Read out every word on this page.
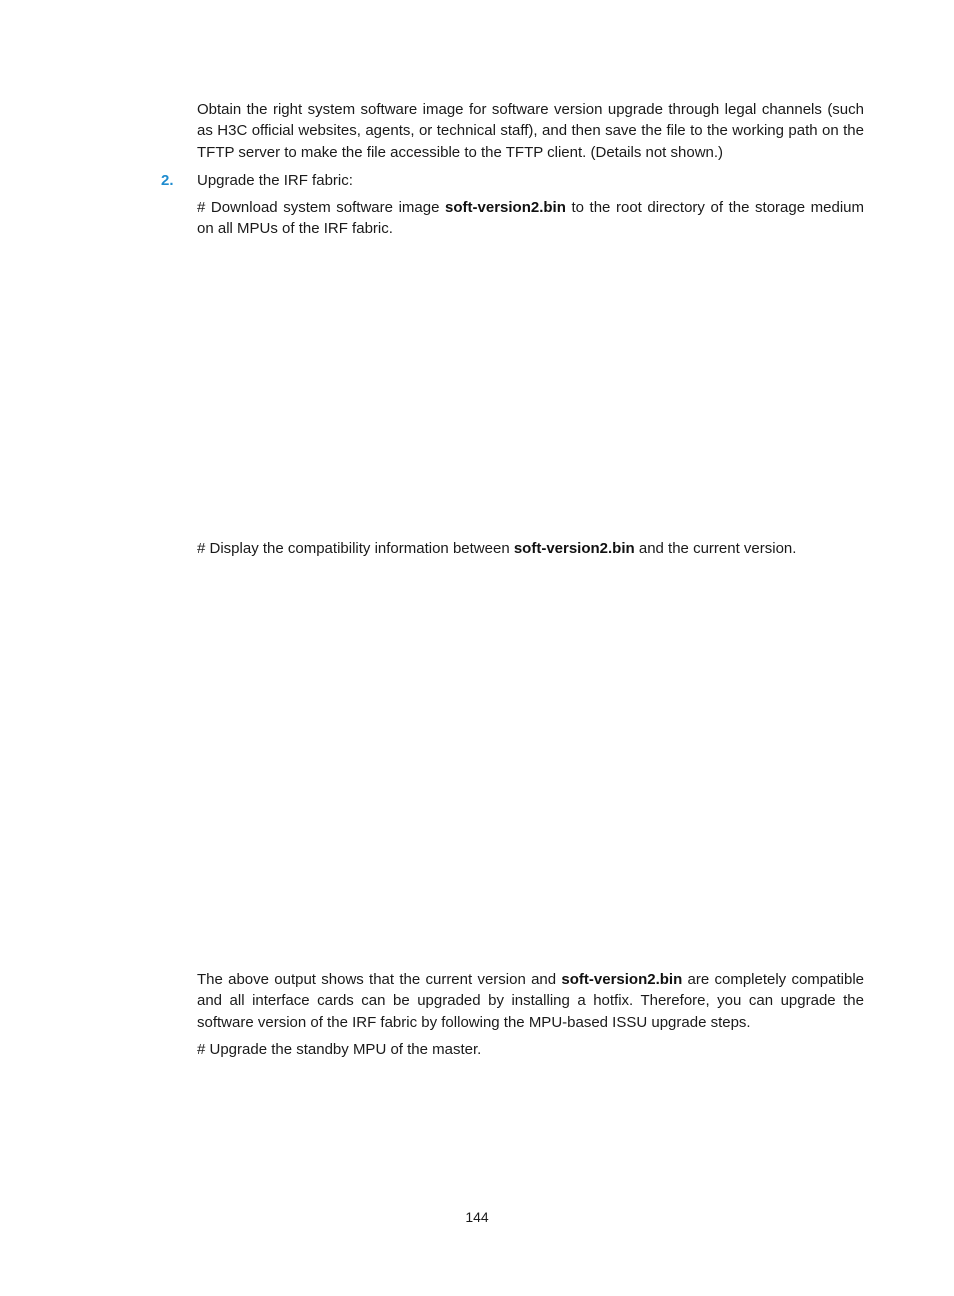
Obtain the right system software image for software version upgrade through legal channels (such as H3C official websites, agents, or technical staff), and then save the file to the working path on the TFTP server to make the file accessible to the TFTP client. (Details not shown.)

2. Upgrade the IRF fabric:

# Download system software image soft-version2.bin to the root directory of the storage medium on all MPUs of the IRF fabric.

# Display the compatibility information between soft-version2.bin and the current version.

The above output shows that the current version and soft-version2.bin are completely compatible and all interface cards can be upgraded by installing a hotfix. Therefore, you can upgrade the software version of the IRF fabric by following the MPU-based ISSU upgrade steps.

# Upgrade the standby MPU of the master.

144
